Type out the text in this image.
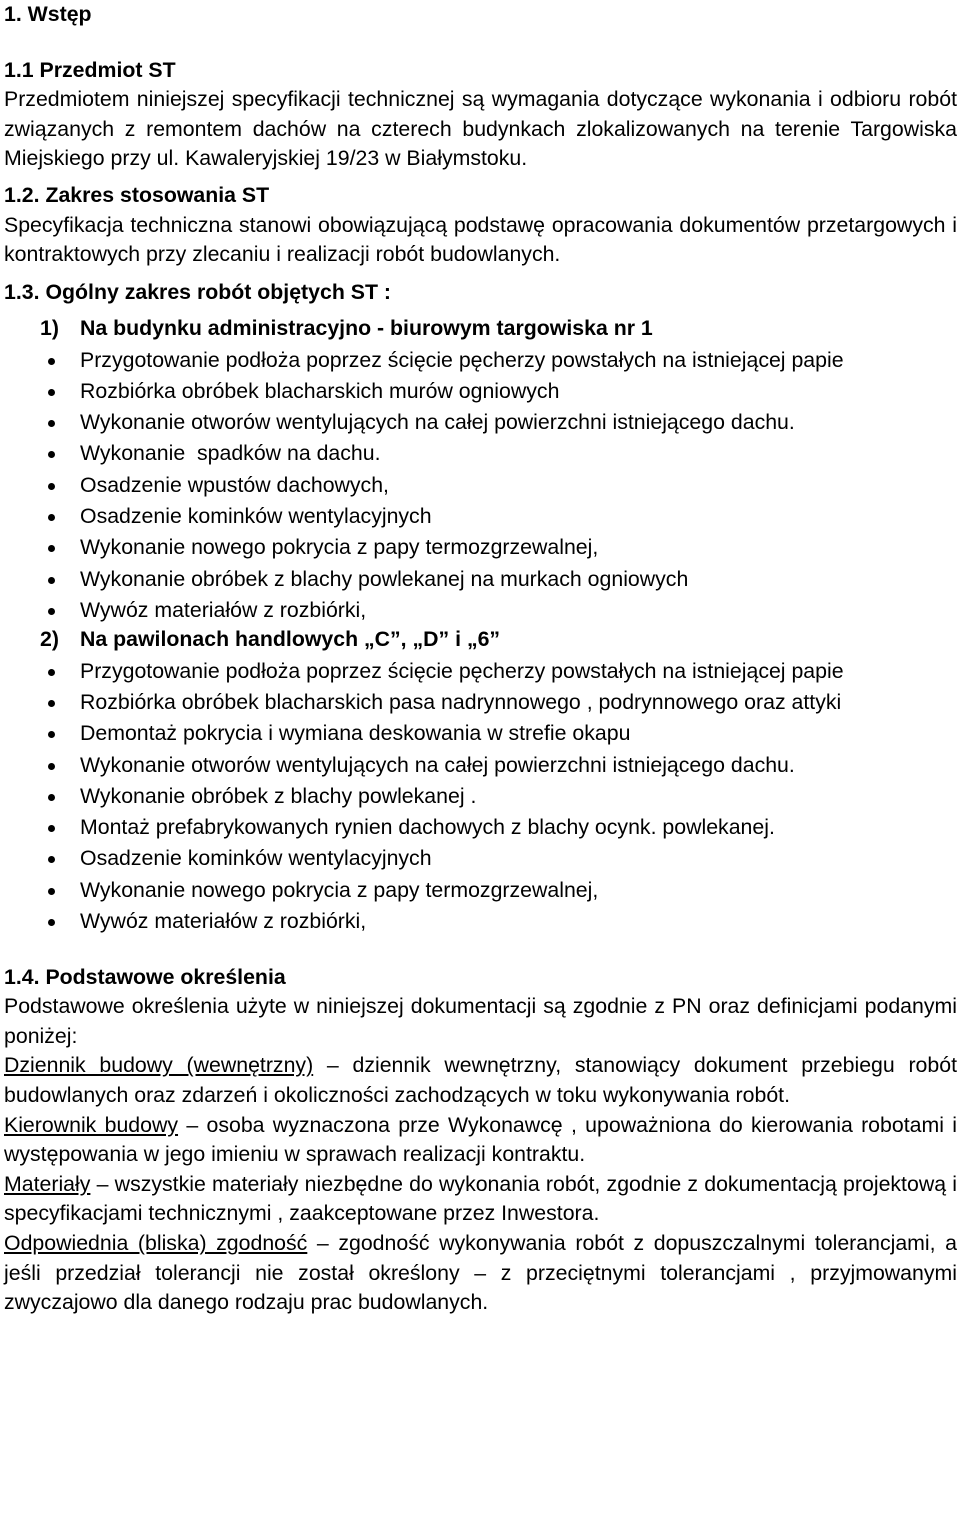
1. Wstęp
1.1 Przedmiot ST
Przedmiotem niniejszej specyfikacji technicznej są wymagania dotyczące wykonania i odbioru robót związanych z remontem dachów na czterech budynkach zlokalizowanych na terenie Targowiska Miejskiego przy ul. Kawaleryjskiej 19/23 w Białymstoku.
1.2. Zakres stosowania ST
Specyfikacja techniczna stanowi obowiązującą podstawę opracowania dokumentów przetargowych i kontraktowych przy zlecaniu i realizacji robót budowlanych.
1.3. Ogólny zakres robót objętych ST :
1) Na budynku administracyjno - biurowym targowiska nr 1
Przygotowanie podłoża poprzez ścięcie pęcherzy powstałych na istniejącej papie
Rozbiórka obróbek blacharskich murów ogniowych
Wykonanie otworów wentylujących na całej powierzchni istniejącego dachu.
Wykonanie  spadków na dachu.
Osadzenie wpustów dachowych,
Osadzenie kominków wentylacyjnych
Wykonanie nowego pokrycia z papy termozgrzewalnej,
Wykonanie obróbek z blachy powlekanej na murkach ogniowych
Wywóz materiałów z rozbiórki,
2) Na pawilonach handlowych „C”, „D” i „6”
Przygotowanie podłoża poprzez ścięcie pęcherzy powstałych na istniejącej papie
Rozbiórka obróbek blacharskich pasa nadrynnowego , podrynnowego oraz attyki
Demontaż pokrycia i wymiana deskowania w strefie okapu
Wykonanie otworów wentylujących na całej powierzchni istniejącego dachu.
Wykonanie obróbek z blachy powlekanej .
Montaż prefabrykowanych rynien dachowych z blachy ocynk. powlekanej.
Osadzenie kominków wentylacyjnych
Wykonanie nowego pokrycia z papy termozgrzewalnej,
Wywóz materiałów z rozbiórki,
1.4. Podstawowe określenia
Podstawowe określenia użyte w niniejszej dokumentacji są zgodnie z PN oraz definicjami podanymi poniżej:
Dziennik budowy (wewnętrzny) – dziennik wewnętrzny, stanowiący dokument przebiegu robót budowlanych oraz zdarzeń i okoliczności zachodzących w toku wykonywania robót.
Kierownik budowy – osoba wyznaczona prze Wykonawcę , upoważniona do kierowania robotami i występowania w jego imieniu w sprawach realizacji kontraktu.
Materiały – wszystkie materiały niezbędne do wykonania robót, zgodnie z dokumentacją projektową i specyfikacjami technicznymi , zaakceptowane przez Inwestora.
Odpowiednia (bliska) zgodność – zgodność wykonywania robót z dopuszczalnymi tolerancjami, a jeśli przedział tolerancji nie został określony – z przeciętnymi tolerancjami , przyjmowanymi zwyczajowo dla danego rodzaju prac budowlanych.
